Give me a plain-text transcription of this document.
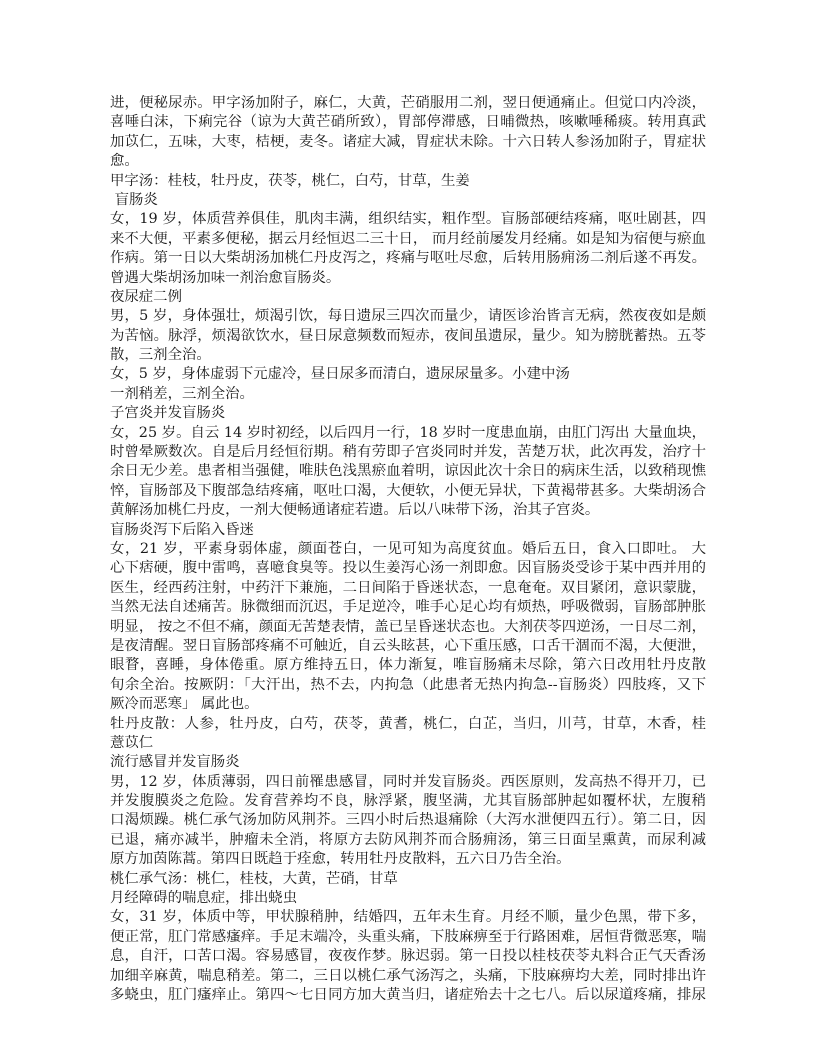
进，便秘尿赤。甲字汤加附子，麻仁，大黄，芒硝服用二剂，翌日便通痛止。但觉口内冷淡，
喜唾白沫，下痢完谷（谅为大黄芒硝所致），胃部停滞感，日晡微热，咳嗽唾稀痰。转用真武
加苡仁，五味，大枣，桔梗，麦冬。诸症大减，胃症状未除。十六日转人参汤加附子，胃症状
愈。
甲字汤：桂枝，牡丹皮，茯苓，桃仁，白芍，甘草，生姜
盲肠炎
女，19 岁，体质营养俱佳，肌肉丰满，组织结实，粗作型。盲肠部硬结疼痛，呕吐剧甚，四
来不大便，平素多便秘，据云月经恒迟二三十日， 而月经前屡发月经痛。如是知为宿便与瘀血
作病。第一日以大柴胡汤加桃仁丹皮泻之，疼痛与呕吐尽愈，后转用肠痈汤二剂后遂不再发。
曾遇大柴胡汤加味一剂治愈盲肠炎。
夜尿症二例
男，5 岁，身体强壮，烦渴引饮，每日遗尿三四次而量少，请医诊治皆言无病，然夜夜如是颇
为苦恼。脉浮，烦渴欲饮水，昼日尿意频数而短赤，夜间虽遗尿，量少。知为膀胱蓄热。五苓
散，三剂全治。
女，5 岁，身体虚弱下元虚冷，昼日尿多而清白，遗尿尿量多。小建中汤
一剂稍差，三剂全治。
子宫炎并发盲肠炎
女，25 岁。自云 14 岁时初经，以后四月一行，18 岁时一度患血崩，由肛门泻出 大量血块，
时曾晕厥数次。自是后月经恒衍期。稍有劳即子宫炎同时并发，苦楚万状，此次再发，治疗十
余日无少差。患者相当强健，唯肤色浅黑瘀血着明，谅因此次十余日的病床生活，以致稍现憔
悴，盲肠部及下腹部急结疼痛，呕吐口渴，大便软，小便无异状，下黄褐带甚多。大柴胡汤合
黄解汤加桃仁丹皮，一剂大便畅通诸症若遗。后以八味带下汤，治其子宫炎。
盲肠炎泻下后陷入昏迷
女，21 岁，平素身弱体虚，颜面苍白，一见可知为高度贫血。婚后五日，食入口即吐。 大
心下痞硬，腹中雷鸣，喜噫食臭等。投以生姜泻心汤一剂即愈。因盲肠炎受诊于某中西并用的
医生，经西药注射，中药汗下兼施，二日间陷于昏迷状态，一息奄奄。双目紧闭，意识蒙胧，
当然无法自述痛苦。脉微细而沉迟，手足逆冷，唯手心足心均有烦热，呼吸微弱，盲肠部肿胀
明显， 按之不但不痛，颜面无苦楚表情，盖已呈昏迷状态也。大剂茯苓四逆汤，一日尽二剂，
是夜清醒。翌日盲肠部疼痛不可触近，自云头眩甚，心下重压感，口舌干涸而不渴，大便泄，
眼瞀，喜睡，身体倦重。原方维持五日，体力渐复，唯盲肠痛未尽除，第六日改用牡丹皮散
旬余全治。按厥阴：「大汗出，热不去，内拘急（此患者无热内拘急--盲肠炎）四肢疼，又下
厥冷而恶寒」 属此也。
牡丹皮散：人参，牡丹皮，白芍，茯苓，黄耆，桃仁，白芷，当归，川芎，甘草，木香，桂
薏苡仁
流行感冒并发盲肠炎
男，12 岁，体质薄弱，四日前罹患感冒，同时并发盲肠炎。西医原则，发高热不得开刀，已
并发腹膜炎之危险。发育营养均不良，脉浮紧，腹坚满，尤其盲肠部肿起如覆杯状，左腹稍
口渴烦躁。桃仁承气汤加防风荆芥。三四小时后热退痛除（大泻水泄便四五行）。第二日，因
已退，痛亦减半，肿瘤未全消，将原方去防风荆芥而合肠痈汤，第三日面呈熏黄，而尿利减
原方加茵陈蒿。第四日既趋于痊愈，转用牡丹皮散料，五六日乃告全治。
桃仁承气汤：桃仁，桂枝，大黄，芒硝，甘草
月经障碍的喘息症，排出蛲虫
女，31 岁，体质中等，甲状腺稍肿，结婚四，五年未生育。月经不顺，量少色黑，带下多，
便正常，肛门常感瘙痒。手足末端冷，头重头痛，下肢麻痹至于行路困难，居恒背微恶寒，喘
息，自汗，口苦口渴。容易感冒，夜夜作梦。脉迟弱。第一日投以桂枝茯苓丸料合正气天香汤
加细辛麻黄，喘息稍差。第二，三日以桃仁承气汤泻之，头痛，下肢麻痹均大差，同时排出许
多蛲虫，肛门瘙痒止。第四～七日同方加大黄当归，诸症殆去十之七八。后以尿道疼痛，排尿
